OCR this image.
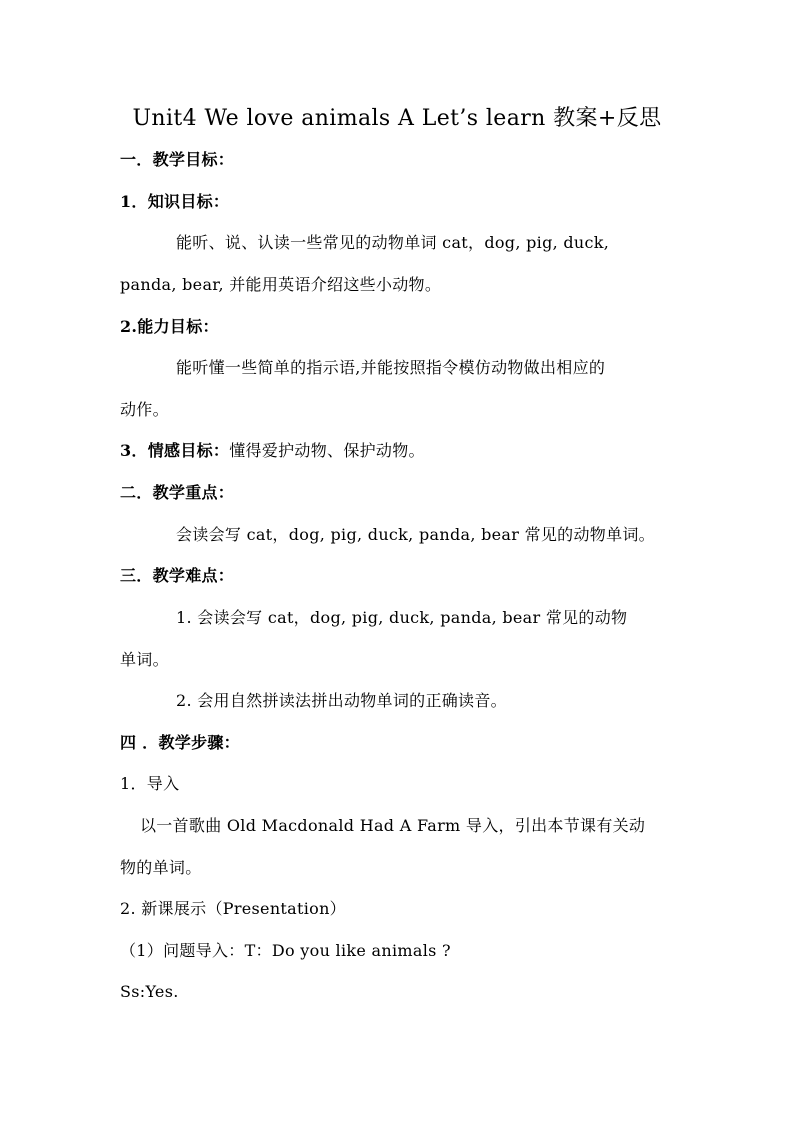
Unit4 We love animals A Let’s learn 教案+反思
一．教学目标：
1．知识目标：
能听、说、认读一些常见的动物单词 cat，dog, pig, duck,
panda, bear, 并能用英语介绍这些小动物。
2.能力目标：
能听懂一些简单的指示语,并能按照指令模仿动物做出相应的
动作。
3．情感目标：懂得爱护动物、保护动物。
二．教学重点：
会读会写 cat，dog, pig, duck, panda, bear 常见的动物单词。
三．教学难点：
1. 会读会写 cat，dog, pig, duck, panda, bear 常见的动物
单词。
2. 会用自然拼读法拼出动物单词的正确读音。
四 ．教学步骤：
1．导入
以一首歌曲 Old Macdonald Had A Farm 导入，引出本节课有关动
物的单词。
2. 新课展示（Presentation）
（1）问题导入：T：Do you like animals ?
Ss:Yes.
